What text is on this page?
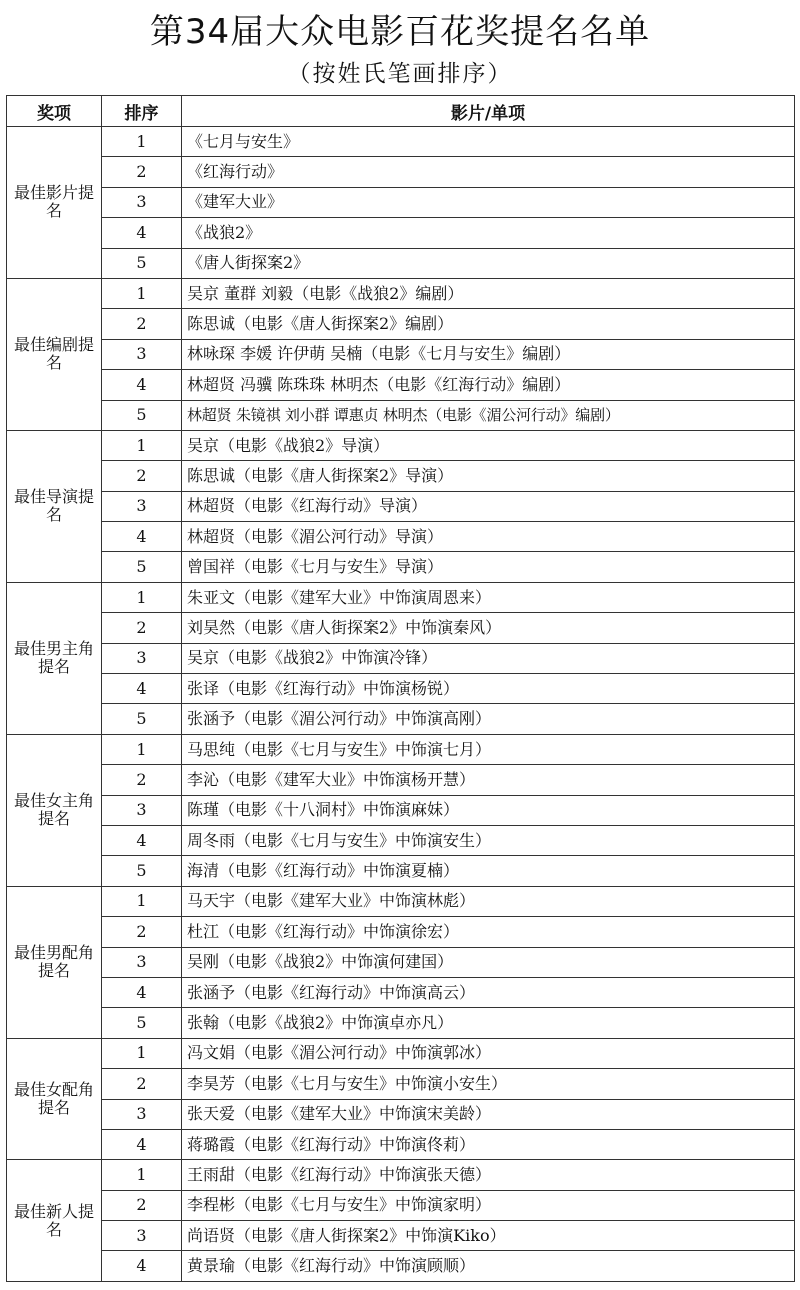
第34届大众电影百花奖提名名单
（按姓氏笔画排序）
奖项	排序	影片/单项
最佳影片提名	1	《七月与安生》
	2	《红海行动》
	3	《建军大业》
	4	《战狼2》
	5	《唐人街探案2》
最佳编剧提名	1	吴京 董群 刘毅（电影《战狼2》编剧）
	2	陈思诚（电影《唐人街探案2》编剧）
	3	林咏琛 李媛 许伊萌 吴楠（电影《七月与安生》编剧）
	4	林超贤 冯骥 陈珠珠 林明杰（电影《红海行动》编剧）
	5	林超贤 朱镜祺 刘小群 谭惠贞 林明杰（电影《湄公河行动》编剧）
最佳导演提名	1	吴京（电影《战狼2》导演）
	2	陈思诚（电影《唐人街探案2》导演）
	3	林超贤（电影《红海行动》导演）
	4	林超贤（电影《湄公河行动》导演）
	5	曾国祥（电影《七月与安生》导演）
最佳男主角提名	1	朱亚文（电影《建军大业》中饰演周恩来）
	2	刘昊然（电影《唐人街探案2》中饰演秦风）
	3	吴京（电影《战狼2》中饰演冷锋）
	4	张译（电影《红海行动》中饰演杨锐）
	5	张涵予（电影《湄公河行动》中饰演高刚）
最佳女主角提名	1	马思纯（电影《七月与安生》中饰演七月）
	2	李沁（电影《建军大业》中饰演杨开慧）
	3	陈瑾（电影《十八洞村》中饰演麻妹）
	4	周冬雨（电影《七月与安生》中饰演安生）
	5	海清（电影《红海行动》中饰演夏楠）
最佳男配角提名	1	马天宇（电影《建军大业》中饰演林彪）
	2	杜江（电影《红海行动》中饰演徐宏）
	3	吴刚（电影《战狼2》中饰演何建国）
	4	张涵予（电影《红海行动》中饰演高云）
	5	张翰（电影《战狼2》中饰演卓亦凡）
最佳女配角提名	1	冯文娟（电影《湄公河行动》中饰演郭冰）
	2	李昊芳（电影《七月与安生》中饰演小安生）
	3	张天爱（电影《建军大业》中饰演宋美龄）
	4	蒋璐霞（电影《红海行动》中饰演佟莉）
最佳新人提名	1	王雨甜（电影《红海行动》中饰演张天德）
	2	李程彬（电影《七月与安生》中饰演家明）
	3	尚语贤（电影《唐人街探案2》中饰演Kiko）
	4	黄景瑜（电影《红海行动》中饰演顾顺）
